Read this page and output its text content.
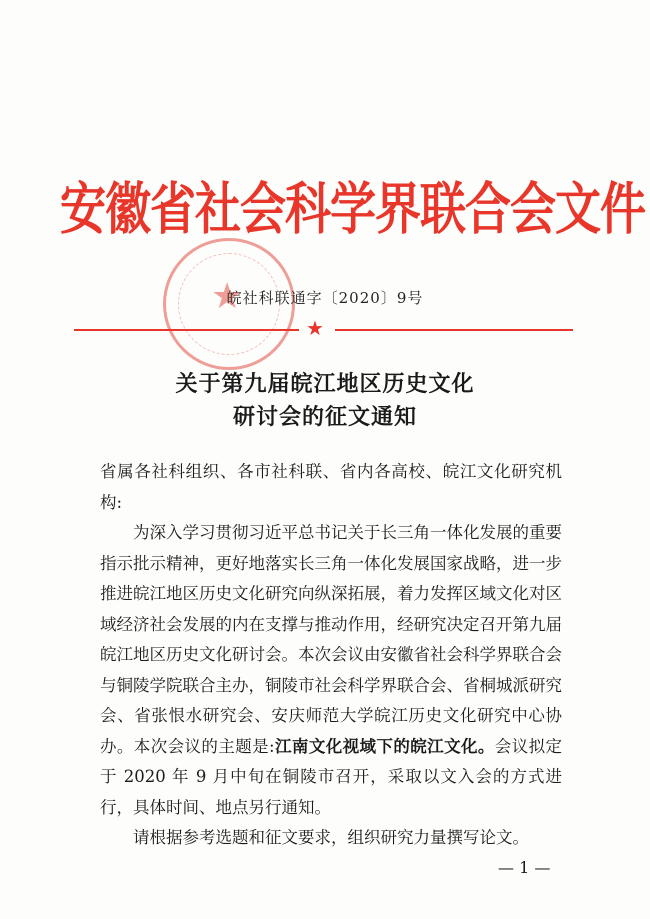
安徽省社会科学界联合会文件
★
皖社科联通字〔2020〕9号
★
关于第九届皖江地区历史文化
研讨会的征文通知

省属各社科组织、各市社科联、省内各高校、皖江文化研究机构:

为深入学习贯彻习近平总书记关于长三角一体化发展的重要指示批示精神，更好地落实长三角一体化发展国家战略，进一步推进皖江地区历史文化研究向纵深拓展，着力发挥区域文化对区域经济社会发展的内在支撑与推动作用，经研究决定召开第九届皖江地区历史文化研讨会。本次会议由安徽省社会科学界联合会与铜陵学院联合主办，铜陵市社会科学界联合会、省桐城派研究会、省张恨水研究会、安庆师范大学皖江历史文化研究中心协办。本次会议的主题是:江南文化视域下的皖江文化。会议拟定于 2020 年 9 月中旬在铜陵市召开，采取以文入会的方式进行，具体时间、地点另行通知。

请根据参考选题和征文要求，组织研究力量撰写论文。

— 1 —
